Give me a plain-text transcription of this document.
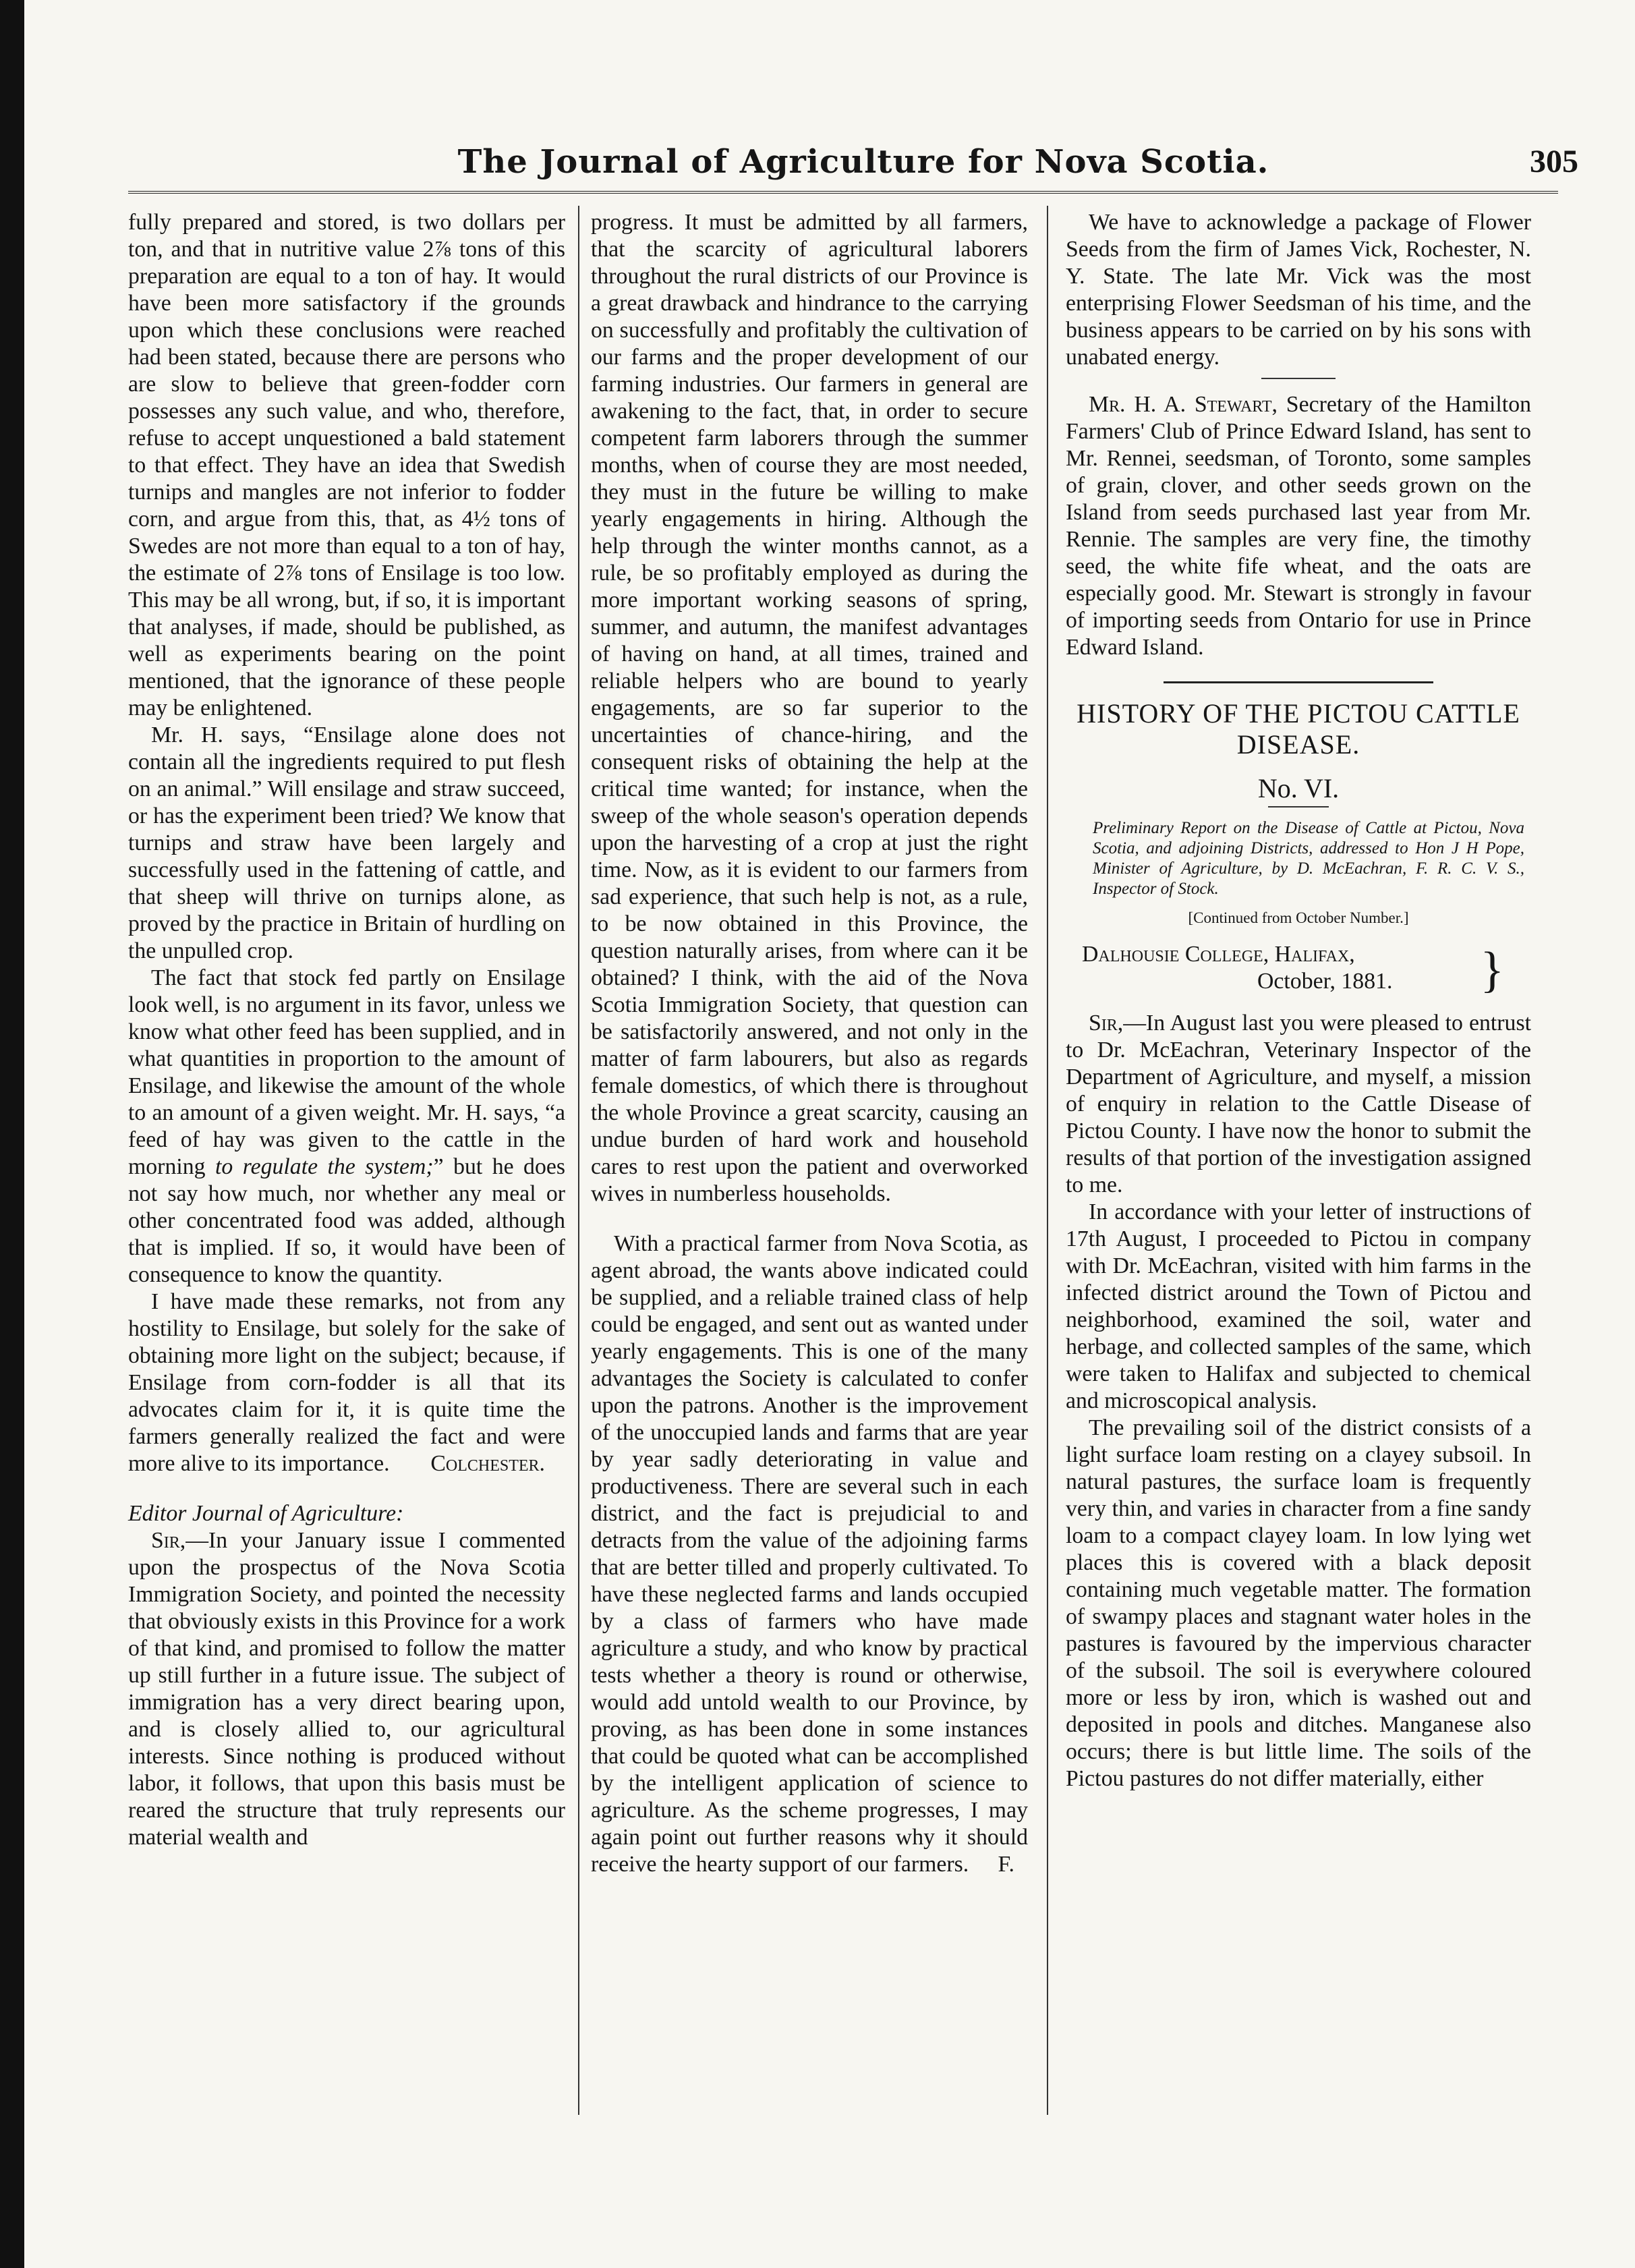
The Journal of Agriculture for Nova Scotia.	305

fully prepared and stored, is two dollars per ton, and that in nutritive value 2⅞ tons of this preparation are equal to a ton of hay. It would have been more satisfactory if the grounds upon which these conclusions were reached had been stated, because there are persons who are slow to believe that green-fodder corn possesses any such value, and who, therefore, refuse to accept unquestioned a bald statement to that effect. They have an idea that Swedish turnips and mangles are not inferior to fodder corn, and argue from this, that, as 4½ tons of Swedes are not more than equal to a ton of hay, the estimate of 2⅞ tons of Ensilage is too low. This may be all wrong, but, if so, it is important that analyses, if made, should be published, as well as experiments bearing on the point mentioned, that the ignorance of these people may be enlightened.

Mr. H. says, “Ensilage alone does not contain all the ingredients required to put flesh on an animal.” Will ensilage and straw succeed, or has the experiment been tried? We know that turnips and straw have been largely and successfully used in the fattening of cattle, and that sheep will thrive on turnips alone, as proved by the practice in Britain of hurdling on the unpulled crop.

The fact that stock fed partly on Ensilage look well, is no argument in its favor, unless we know what other feed has been supplied, and in what quantities in proportion to the amount of Ensilage, and likewise the amount of the whole to an amount of a given weight. Mr. H. says, “a feed of hay was given to the cattle in the morning to regulate the system;” but he does not say how much, nor whether any meal or other concentrated food was added, although that is implied. If so, it would have been of consequence to know the quantity.

I have made these remarks, not from any hostility to Ensilage, but solely for the sake of obtaining more light on the subject; because, if Ensilage from corn-fodder is all that its advocates claim for it, it is quite time the farmers generally realized the fact and were more alive to its importance.	Colchester.

Editor Journal of Agriculture:

Sir,—In your January issue I commented upon the prospectus of the Nova Scotia Immigration Society, and pointed the necessity that obviously exists in this Province for a work of that kind, and promised to follow the matter up still further in a future issue. The subject of immigration has a very direct bearing upon, and is closely allied to, our agricultural interests. Since nothing is produced without labor, it follows, that upon this basis must be reared the structure that truly represents our material wealth and

progress. It must be admitted by all farmers, that the scarcity of agricultural laborers throughout the rural districts of our Province is a great drawback and hindrance to the carrying on successfully and profitably the cultivation of our farms and the proper development of our farming industries. Our farmers in general are awakening to the fact, that, in order to secure competent farm laborers through the summer months, when of course they are most needed, they must in the future be willing to make yearly engagements in hiring. Although the help through the winter months cannot, as a rule, be so profitably employed as during the more important working seasons of spring, summer, and autumn, the manifest advantages of having on hand, at all times, trained and reliable helpers who are bound to yearly engagements, are so far superior to the uncertainties of chance-hiring, and the consequent risks of obtaining the help at the critical time wanted; for instance, when the sweep of the whole season's operation depends upon the harvesting of a crop at just the right time. Now, as it is evident to our farmers from sad experience, that such help is not, as a rule, to be now obtained in this Province, the question naturally arises, from where can it be obtained? I think, with the aid of the Nova Scotia Immigration Society, that question can be satisfactorily answered, and not only in the matter of farm labourers, but also as regards female domestics, of which there is throughout the whole Province a great scarcity, causing an undue burden of hard work and household cares to rest upon the patient and overworked wives in numberless households.

With a practical farmer from Nova Scotia, as agent abroad, the wants above indicated could be supplied, and a reliable trained class of help could be engaged, and sent out as wanted under yearly engagements. This is one of the many advantages the Society is calculated to confer upon the patrons. Another is the improvement of the unoccupied lands and farms that are year by year sadly deteriorating in value and productiveness. There are several such in each district, and the fact is prejudicial to and detracts from the value of the adjoining farms that are better tilled and properly cultivated. To have these neglected farms and lands occupied by a class of farmers who have made agriculture a study, and who know by practical tests whether a theory is round or otherwise, would add untold wealth to our Province, by proving, as has been done in some instances that could be quoted what can be accomplished by the intelligent application of science to agriculture. As the scheme progresses, I may again point out further reasons why it should receive the hearty support of our farmers.	F.

We have to acknowledge a package of Flower Seeds from the firm of James Vick, Rochester, N. Y. State. The late Mr. Vick was the most enterprising Flower Seedsman of his time, and the business appears to be carried on by his sons with unabated energy.

Mr. H. A. Stewart, Secretary of the Hamilton Farmers' Club of Prince Edward Island, has sent to Mr. Rennei, seedsman, of Toronto, some samples of grain, clover, and other seeds grown on the Island from seeds purchased last year from Mr. Rennie. The samples are very fine, the timothy seed, the white fife wheat, and the oats are especially good. Mr. Stewart is strongly in favour of importing seeds from Ontario for use in Prince Edward Island.

HISTORY OF THE PICTOU CATTLE DISEASE.
No. VI.

Preliminary Report on the Disease of Cattle at Pictou, Nova Scotia, and adjoining Districts, addressed to Hon J H Pope, Minister of Agriculture, by D. McEachran, F. R. C. V. S., Inspector of Stock.

[Continued from October Number.]
Dalhousie College, Halifax,
October, 1881.	}

Sir,—In August last you were pleased to entrust to Dr. McEachran, Veterinary Inspector of the Department of Agriculture, and myself, a mission of enquiry in relation to the Cattle Disease of Pictou County. I have now the honor to submit the results of that portion of the investigation assigned to me.

In accordance with your letter of instructions of 17th August, I proceeded to Pictou in company with Dr. McEachran, visited with him farms in the infected district around the Town of Pictou and neighborhood, examined the soil, water and herbage, and collected samples of the same, which were taken to Halifax and subjected to chemical and microscopical analysis.

The prevailing soil of the district consists of a light surface loam resting on a clayey subsoil. In natural pastures, the surface loam is frequently very thin, and varies in character from a fine sandy loam to a compact clayey loam. In low lying wet places this is covered with a black deposit containing much vegetable matter. The formation of swampy places and stagnant water holes in the pastures is favoured by the impervious character of the subsoil. The soil is everywhere coloured more or less by iron, which is washed out and deposited in pools and ditches. Manganese also occurs; there is but little lime. The soils of the Pictou pastures do not differ materially, either
